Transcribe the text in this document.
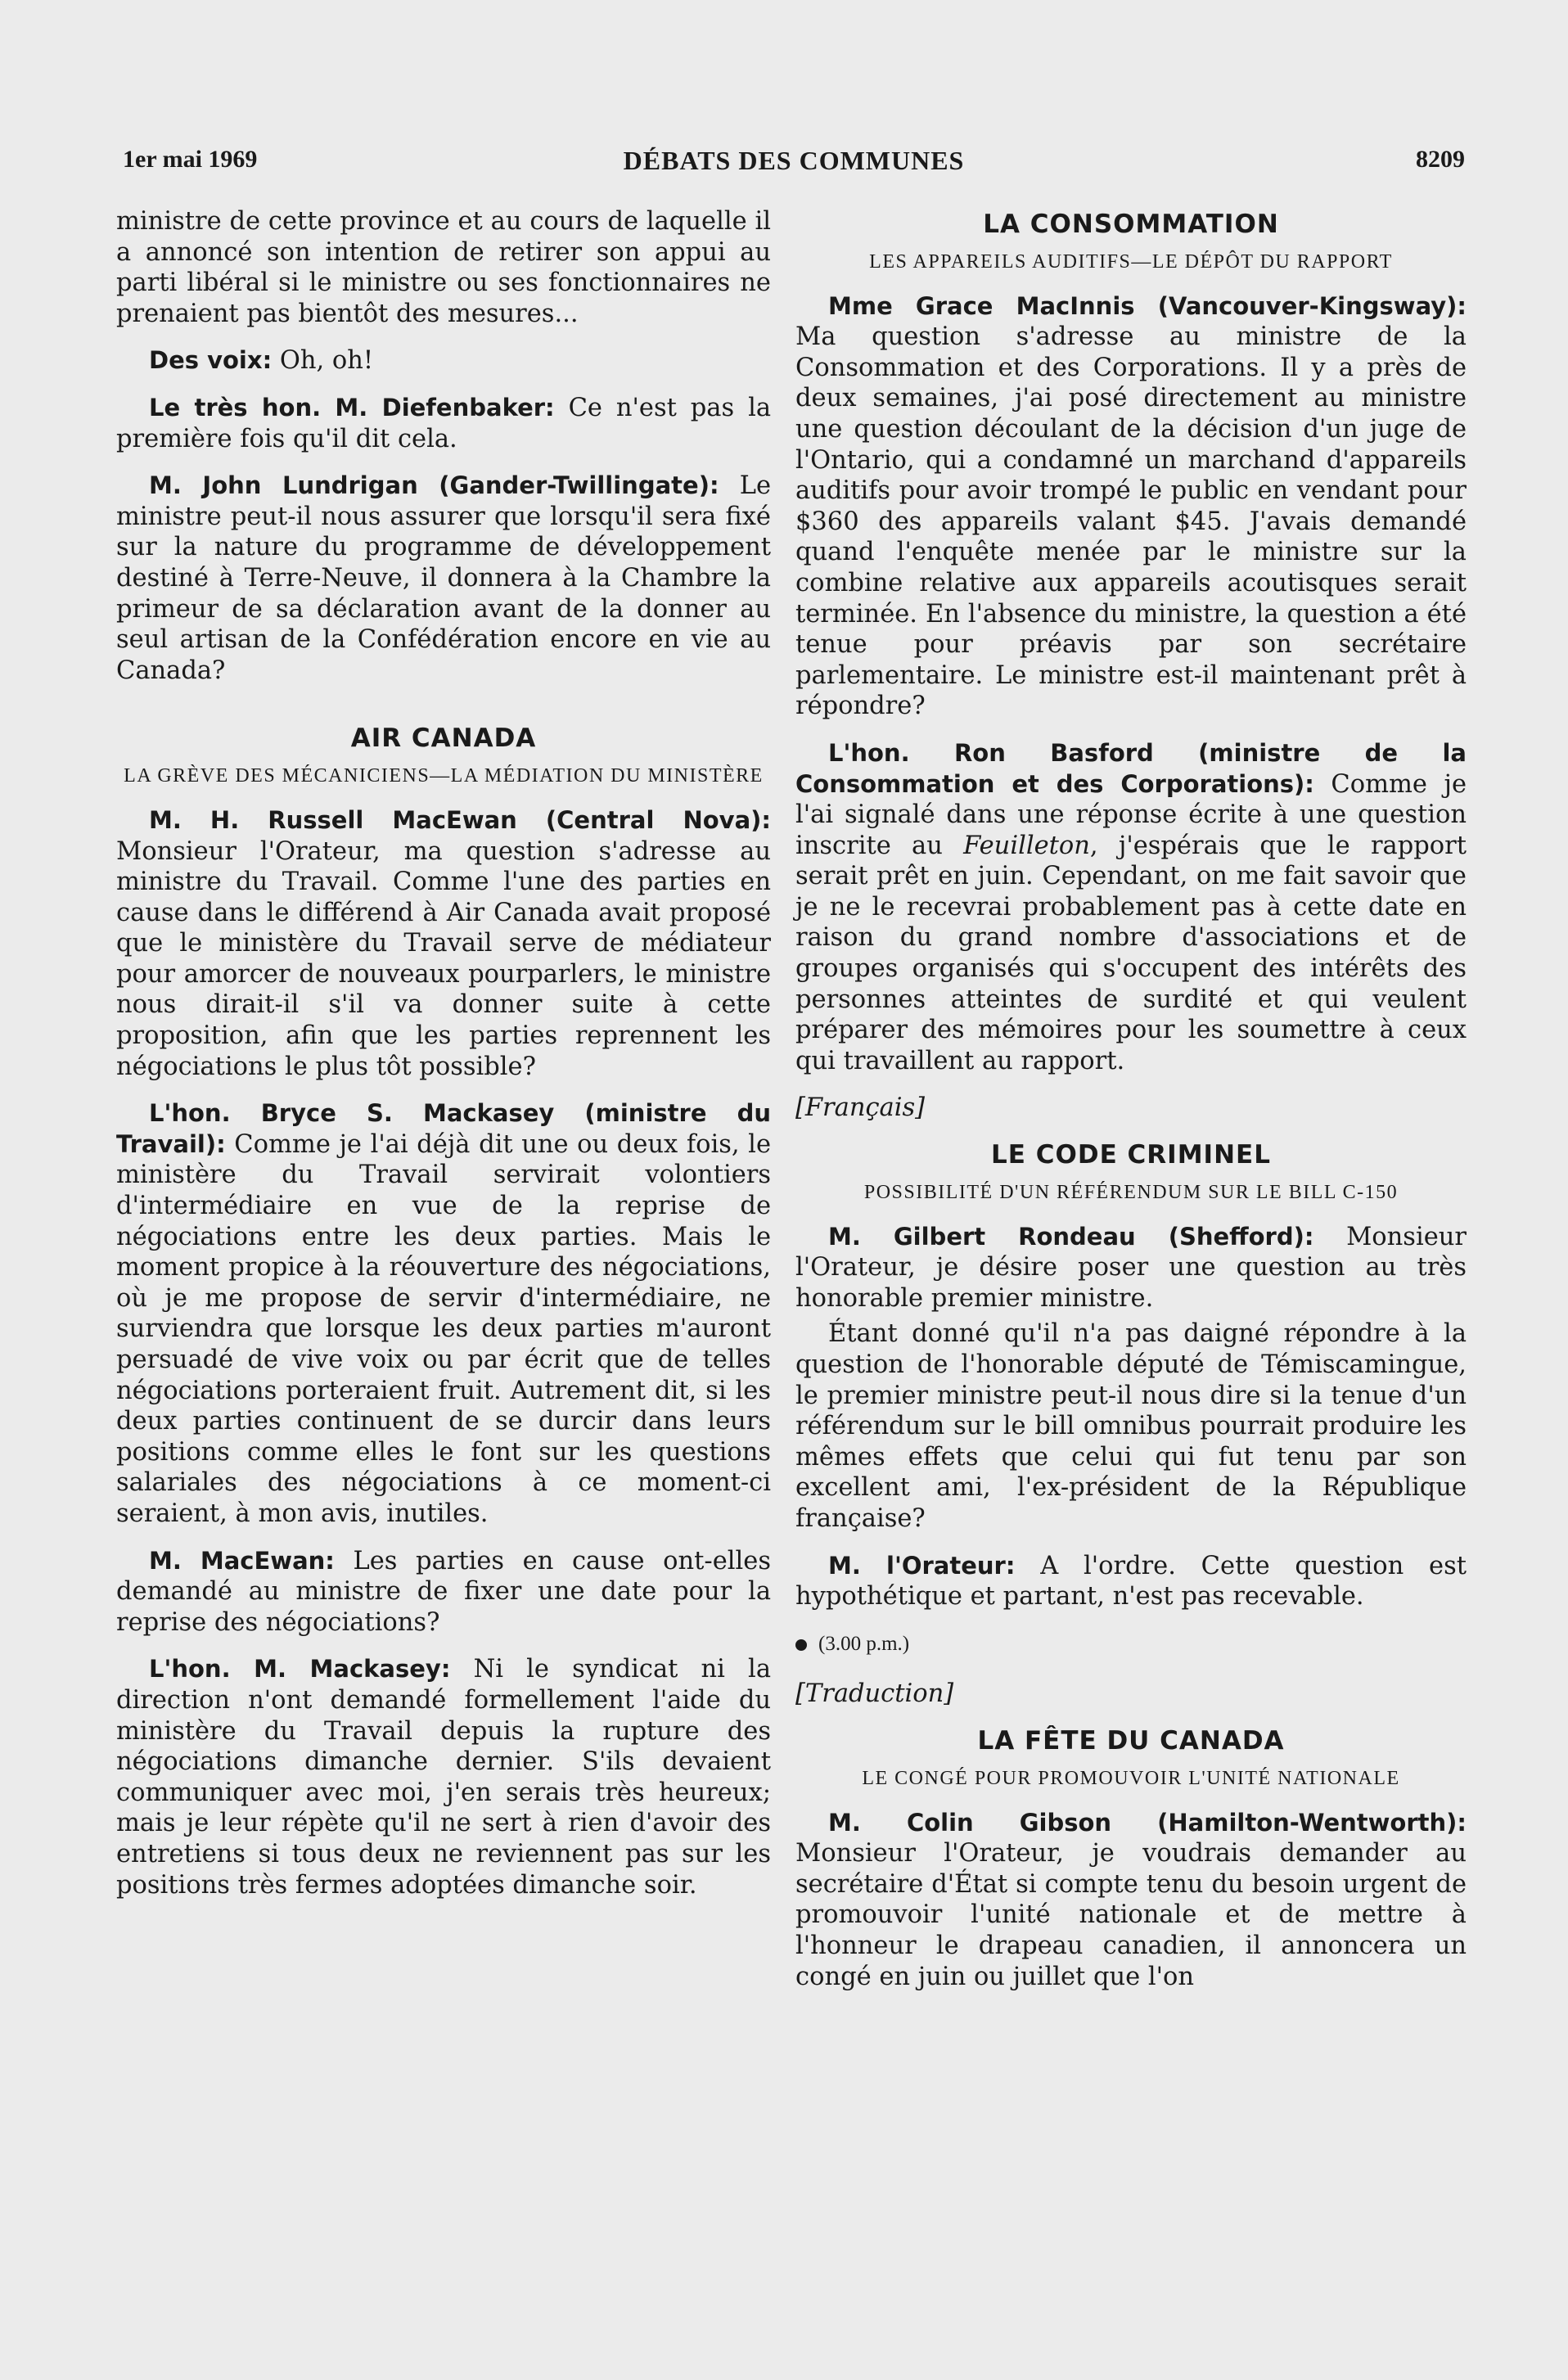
1er mai 1969	DÉBATS DES COMMUNES	8209

ministre de cette province et au cours de laquelle il a annoncé son intention de retirer son appui au parti libéral si le ministre ou ses fonctionnaires ne prenaient pas bientôt des mesures...

Des voix: Oh, oh!

Le très hon. M. Diefenbaker: Ce n'est pas la première fois qu'il dit cela.

M. John Lundrigan (Gander-Twillingate): Le ministre peut-il nous assurer que lorsqu'il sera fixé sur la nature du programme de développement destiné à Terre-Neuve, il donnera à la Chambre la primeur de sa déclaration avant de la donner au seul artisan de la Confédération encore en vie au Canada?

AIR CANADA
LA GRÈVE DES MÉCANICIENS—LA MÉDIATION DU MINISTÈRE

M. H. Russell MacEwan (Central Nova): Monsieur l'Orateur, ma question s'adresse au ministre du Travail. Comme l'une des parties en cause dans le différend à Air Canada avait proposé que le ministère du Travail serve de médiateur pour amorcer de nouveaux pourparlers, le ministre nous dirait-il s'il va donner suite à cette proposition, afin que les parties reprennent les négociations le plus tôt possible?

L'hon. Bryce S. Mackasey (ministre du Travail): Comme je l'ai déjà dit une ou deux fois, le ministère du Travail servirait volontiers d'intermédiaire en vue de la reprise de négociations entre les deux parties. Mais le moment propice à la réouverture des négociations, où je me propose de servir d'intermédiaire, ne surviendra que lorsque les deux parties m'auront persuadé de vive voix ou par écrit que de telles négociations porteraient fruit. Autrement dit, si les deux parties continuent de se durcir dans leurs positions comme elles le font sur les questions salariales des négociations à ce moment-ci seraient, à mon avis, inutiles.

M. MacEwan: Les parties en cause ont-elles demandé au ministre de fixer une date pour la reprise des négociations?

L'hon. M. Mackasey: Ni le syndicat ni la direction n'ont demandé formellement l'aide du ministère du Travail depuis la rupture des négociations dimanche dernier. S'ils devaient communiquer avec moi, j'en serais très heureux; mais je leur répète qu'il ne sert à rien d'avoir des entretiens si tous deux ne reviennent pas sur les positions très fermes adoptées dimanche soir.

LA CONSOMMATION
LES APPAREILS AUDITIFS—LE DÉPÔT DU RAPPORT

Mme Grace MacInnis (Vancouver-Kingsway): Ma question s'adresse au ministre de la Consommation et des Corporations. Il y a près de deux semaines, j'ai posé directement au ministre une question découlant de la décision d'un juge de l'Ontario, qui a condamné un marchand d'appareils auditifs pour avoir trompé le public en vendant pour $360 des appareils valant $45. J'avais demandé quand l'enquête menée par le ministre sur la combine relative aux appareils acoutisques serait terminée. En l'absence du ministre, la question a été tenue pour préavis par son secrétaire parlementaire. Le ministre est-il maintenant prêt à répondre?

L'hon. Ron Basford (ministre de la Consommation et des Corporations): Comme je l'ai signalé dans une réponse écrite à une question inscrite au Feuilleton, j'espérais que le rapport serait prêt en juin. Cependant, on me fait savoir que je ne le recevrai probablement pas à cette date en raison du grand nombre d'associations et de groupes organisés qui s'occupent des intérêts des personnes atteintes de surdité et qui veulent préparer des mémoires pour les soumettre à ceux qui travaillent au rapport.

[Français]

LE CODE CRIMINEL
POSSIBILITÉ D'UN RÉFÉRENDUM SUR LE BILL C-150

M. Gilbert Rondeau (Shefford): Monsieur l'Orateur, je désire poser une question au très honorable premier ministre.

Étant donné qu'il n'a pas daigné répondre à la question de l'honorable député de Témiscamingue, le premier ministre peut-il nous dire si la tenue d'un référendum sur le bill omnibus pourrait produire les mêmes effets que celui qui fut tenu par son excellent ami, l'ex-président de la République française?

M. l'Orateur: A l'ordre. Cette question est hypothétique et partant, n'est pas recevable.

(3.00 p.m.)

[Traduction]

LA FÊTE DU CANADA
LE CONGÉ POUR PROMOUVOIR L'UNITÉ NATIONALE

M. Colin Gibson (Hamilton-Wentworth): Monsieur l'Orateur, je voudrais demander au secrétaire d'État si compte tenu du besoin urgent de promouvoir l'unité nationale et de mettre à l'honneur le drapeau canadien, il annoncera un congé en juin ou juillet que l'on
